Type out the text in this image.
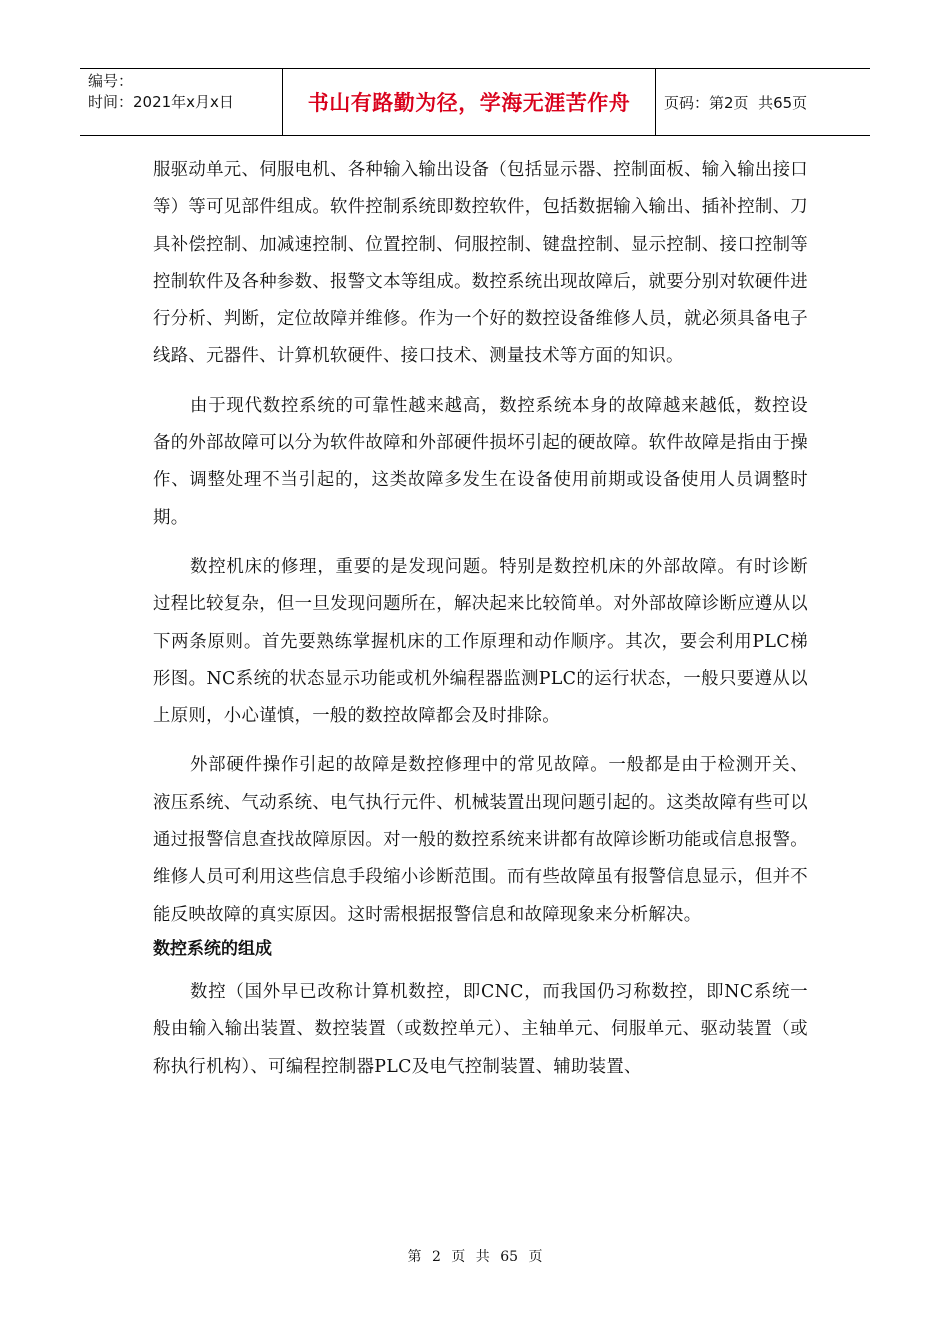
编号：
时间：2021年x月x日	书山有路勤为径，学海无涯苦作舟	页码：第2页  共65页

服驱动单元、伺服电机、各种输入输出设备（包括显示器、控制面板、输入输出接口等）等可见部件组成。软件控制系统即数控软件，包括数据输入输出、插补控制、刀具补偿控制、加减速控制、位置控制、伺服控制、键盘控制、显示控制、接口控制等控制软件及各种参数、报警文本等组成。数控系统出现故障后，就要分别对软硬件进行分析、判断，定位故障并维修。作为一个好的数控设备维修人员，就必须具备电子线路、元器件、计算机软硬件、接口技术、测量技术等方面的知识。

由于现代数控系统的可靠性越来越高，数控系统本身的故障越来越低，数控设备的外部故障可以分为软件故障和外部硬件损坏引起的硬故障。软件故障是指由于操作、调整处理不当引起的，这类故障多发生在设备使用前期或设备使用人员调整时期。

数控机床的修理，重要的是发现问题。特别是数控机床的外部故障。有时诊断过程比较复杂，但一旦发现问题所在，解决起来比较简单。对外部故障诊断应遵从以下两条原则。首先要熟练掌握机床的工作原理和动作顺序。其次，要会利用PLC梯形图。NC系统的状态显示功能或机外编程器监测PLC的运行状态，一般只要遵从以上原则，小心谨慎，一般的数控故障都会及时排除。

外部硬件操作引起的故障是数控修理中的常见故障。一般都是由于检测开关、液压系统、气动系统、电气执行元件、机械装置出现问题引起的。这类故障有些可以通过报警信息查找故障原因。对一般的数控系统来讲都有故障诊断功能或信息报警。维修人员可利用这些信息手段缩小诊断范围。而有些故障虽有报警信息显示，但并不能反映故障的真实原因。这时需根据报警信息和故障现象来分析解决。

数控系统的组成

数控（国外早已改称计算机数控，即CNC，而我国仍习称数控，即NC系统一般由输入输出装置、数控装置（或数控单元）、主轴单元、伺服单元、驱动装置（或称执行机构）、可编程控制器PLC及电气控制装置、辅助装置、

第 2 页 共 65 页
